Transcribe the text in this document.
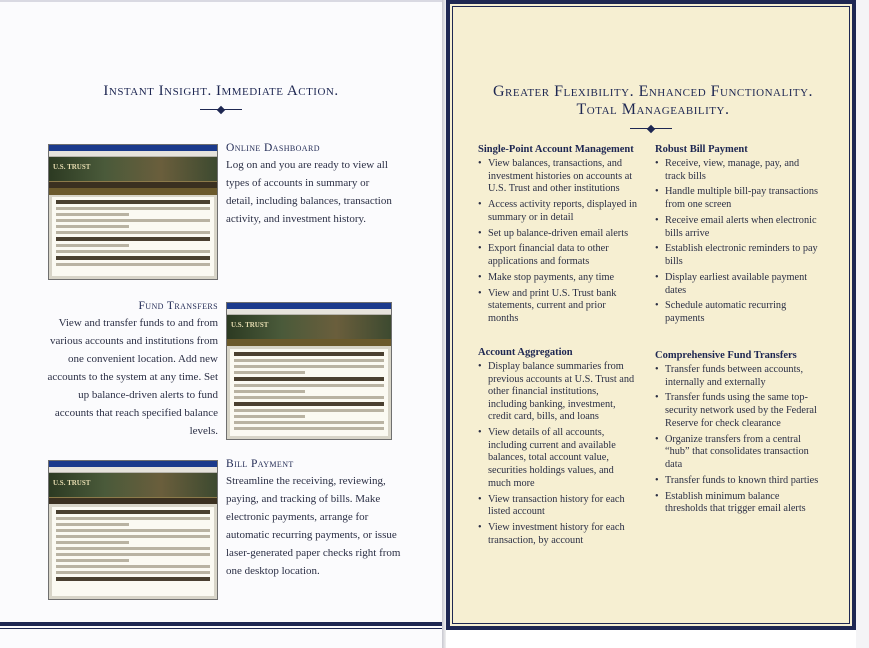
Instant Insight. Immediate Action.
U.S. TRUST
Online Dashboard
Log on and you are ready to view all types of accounts in summary or detail, including balances, transaction activity, and investment history.
Fund Transfers
View and transfer funds to and from various accounts and institutions from one convenient location. Add new accounts to the system at any time. Set up balance-driven alerts to fund accounts that reach specified balance levels.
U.S. TRUST
U.S. TRUST
Bill Payment
Streamline the receiving, reviewing, paying, and tracking of bills. Make electronic payments, arrange for automatic recurring payments, or issue laser-generated paper checks right from one desktop location.
Greater Flexibility. Enhanced Functionality.
Total Manageability.
Single-Point Account Management
• View balances, transactions, and investment histories on accounts at U.S. Trust and other institutions
• Access activity reports, displayed in summary or in detail
• Set up balance-driven email alerts
• Export financial data to other applications and formats
• Make stop payments, any time
• View and print U.S. Trust bank statements, current and prior months
Account Aggregation
• Display balance summaries from previous accounts at U.S. Trust and other financial institutions, including banking, investment, credit card, bills, and loans
• View details of all accounts, including current and available balances, total account value, securities holdings values, and much more
• View transaction history for each listed account
• View investment history for each transaction, by account
Robust Bill Payment
• Receive, view, manage, pay, and track bills
• Handle multiple bill-pay transactions from one screen
• Receive email alerts when electronic bills arrive
• Establish electronic reminders to pay bills
• Display earliest available payment dates
• Schedule automatic recurring payments
Comprehensive Fund Transfers
• Transfer funds between accounts, internally and externally
• Transfer funds using the same top-security network used by the Federal Reserve for check clearance
• Organize transfers from a central “hub” that consolidates transaction data
• Transfer funds to known third parties
• Establish minimum balance thresholds that trigger email alerts
